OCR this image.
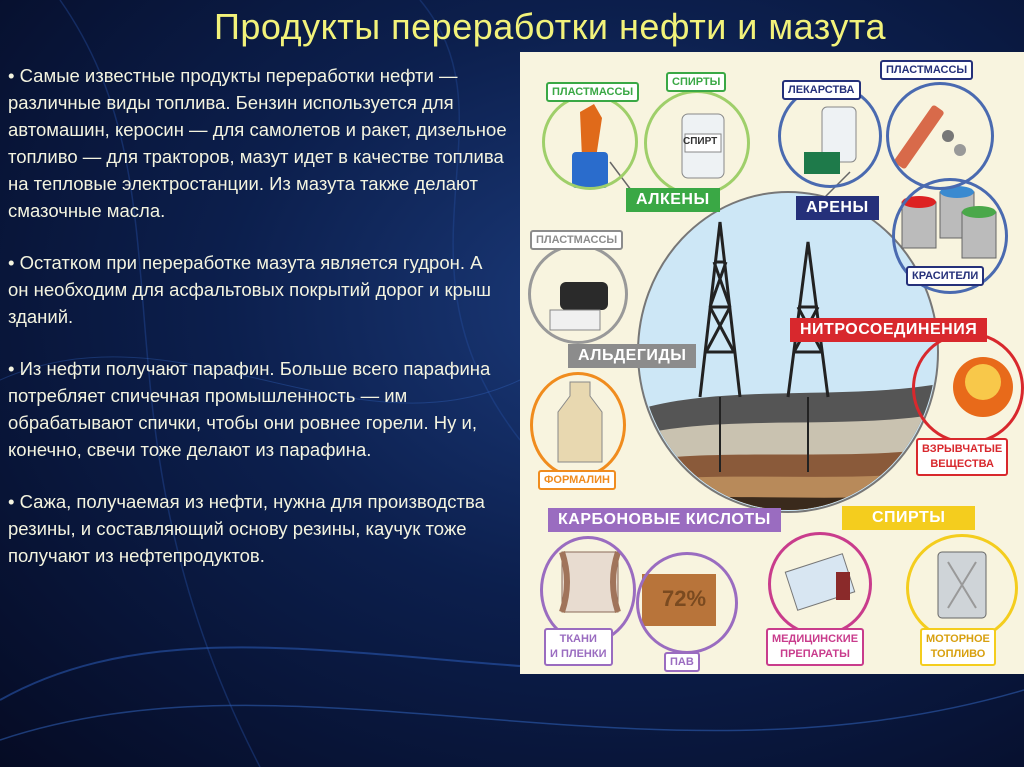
Продукты переработки нефти и мазута

• Самые известные продукты переработки нефти — различные виды топлива. Бензин используется для автомашин, керосин — для самолетов и ракет, дизельное топливо — для тракторов, мазут идет в качестве топлива на тепловые электростанции. Из мазута также делают смазочные масла.

• Остатком при переработке мазута является гудрон. А он необходим для асфальтовых покрытий дорог и крыш зданий.

• Из нефти получают парафин. Больше всего парафина потребляет спичечная промышленность — им обрабатывают спички, чтобы они ровнее горели. Ну и, конечно, свечи тоже делают из парафина.

• Сажа, получаемая из нефти, нужна для производства резины, и составляющий основу резины, каучук тоже получают из нефтепродуктов.

ПЛАСТМАССЫ
СПИРТЫ
ЛЕКАРСТВА
ПЛАСТМАССЫ
КРАСИТЕЛИ
ПЛАСТМАССЫ
ФОРМАЛИН
ВЗРЫВЧАТЫЕ
ВЕЩЕСТВА
ТКАНИ
И ПЛЕНКИ
ПАВ
МЕДИЦИНСКИЕ
ПРЕПАРАТЫ
МОТОРНОЕ
ТОПЛИВО
СПИРТ
72%
АЛКЕНЫ	АРЕНЫ
НИТРОСОЕДИНЕНИЯ
АЛЬДЕГИДЫ
КАРБОНОВЫЕ КИСЛОТЫ	СПИРТЫ
